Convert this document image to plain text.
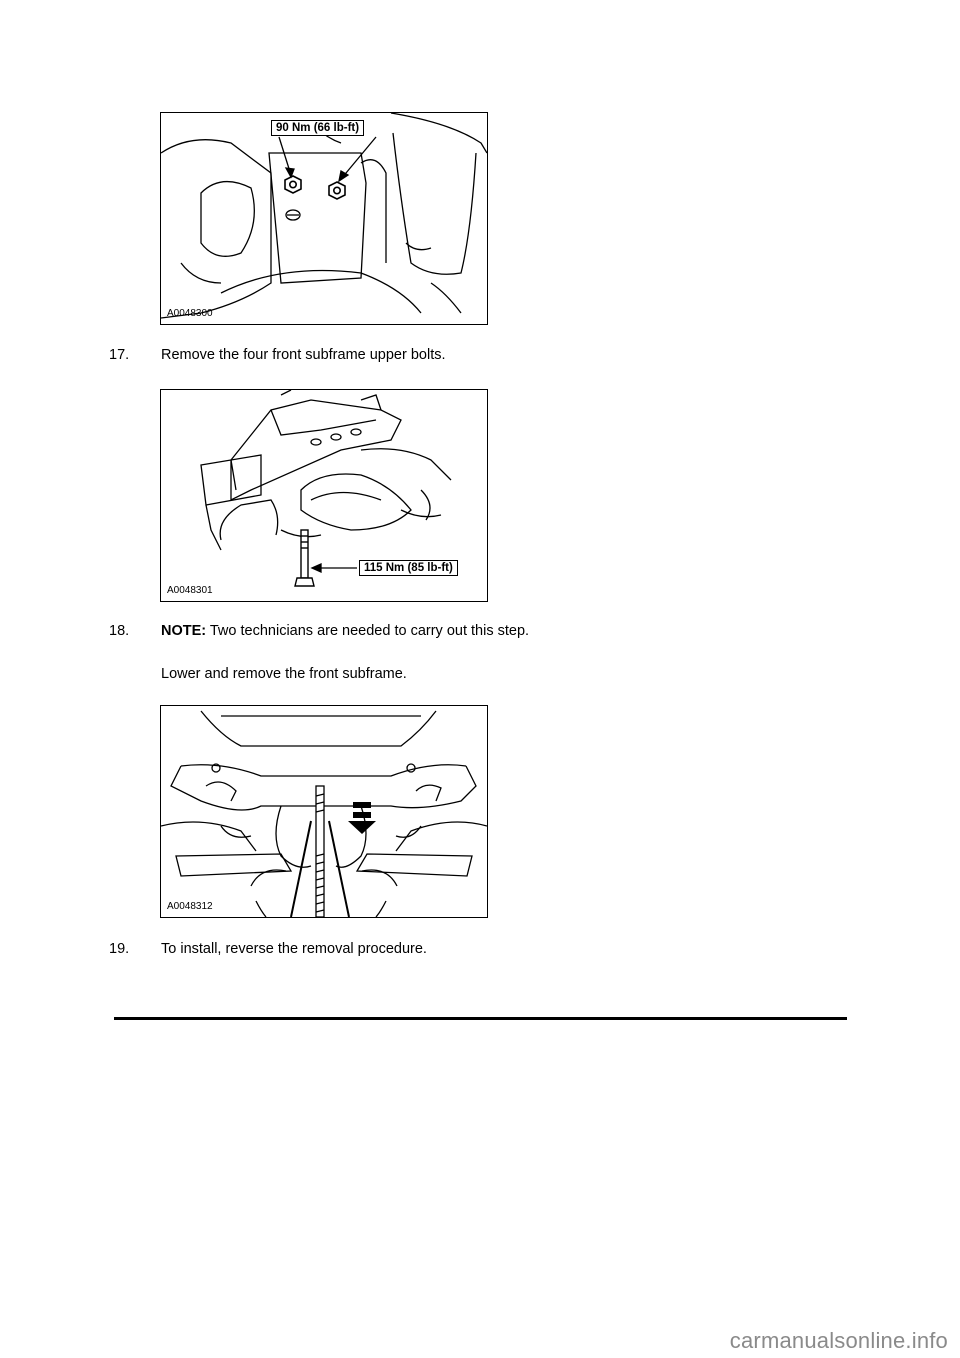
90 Nm (66 lb-ft)
A0048300
17. Remove the four front subframe upper bolts.
115 Nm (85 lb-ft)
A0048301
18. NOTE: Two technicians are needed to carry out this step.
Lower and remove the front subframe.
A0048312
19. To install, reverse the removal procedure.
carmanualsonline.info
